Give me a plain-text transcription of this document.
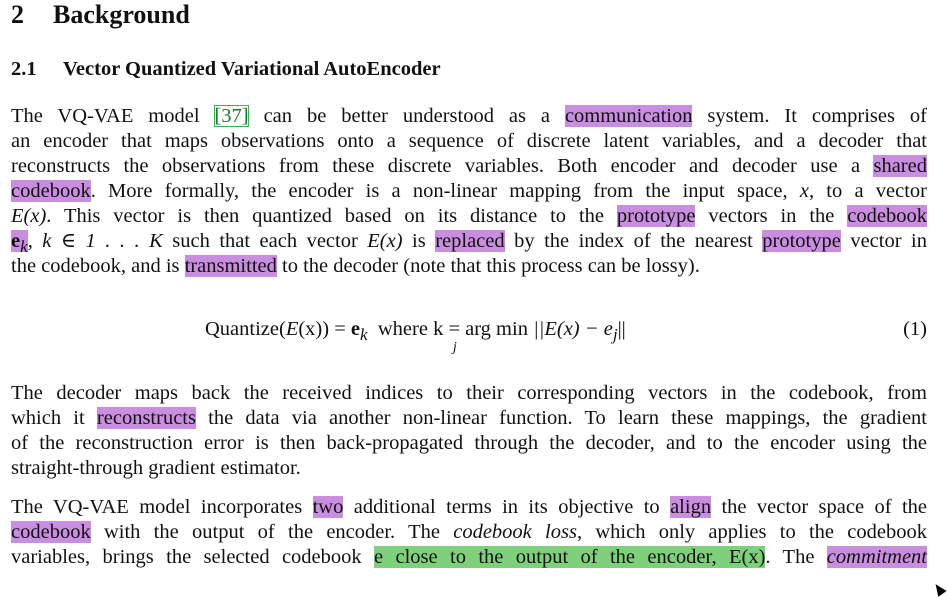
2 Background
2.1 Vector Quantized Variational AutoEncoder
The VQ-VAE model [37] can be better understood as a communication system. It comprises of
an encoder that maps observations onto a sequence of discrete latent variables, and a decoder that
reconstructs the observations from these discrete variables. Both encoder and decoder use a shared
codebook. More formally, the encoder is a non-linear mapping from the input space, x, to a vector
E(x). This vector is then quantized based on its distance to the prototype vectors in the codebook
$e_k$, k ∈ 1 . . . K such that each vector E(x) is replaced by the index of the nearest prototype vector in
the codebook, and is transmitted to the decoder (note that this process can be lossy).
Quantize(E(x)) = $e_k$ where k = arg min
j
$||E(x) - e_j||$	(1)
The decoder maps back the received indices to their corresponding vectors in the codebook, from
which it reconstructs the data via another non-linear function. To learn these mappings, the gradient
of the reconstruction error is then back-propagated through the decoder, and to the encoder using the
straight-through gradient estimator.
The VQ-VAE model incorporates two additional terms in its objective to align the vector space of the
codebook with the output of the encoder. The codebook loss, which only applies to the codebook
variables, brings the selected codebook e close to the output of the encoder, E(x). The commitment
